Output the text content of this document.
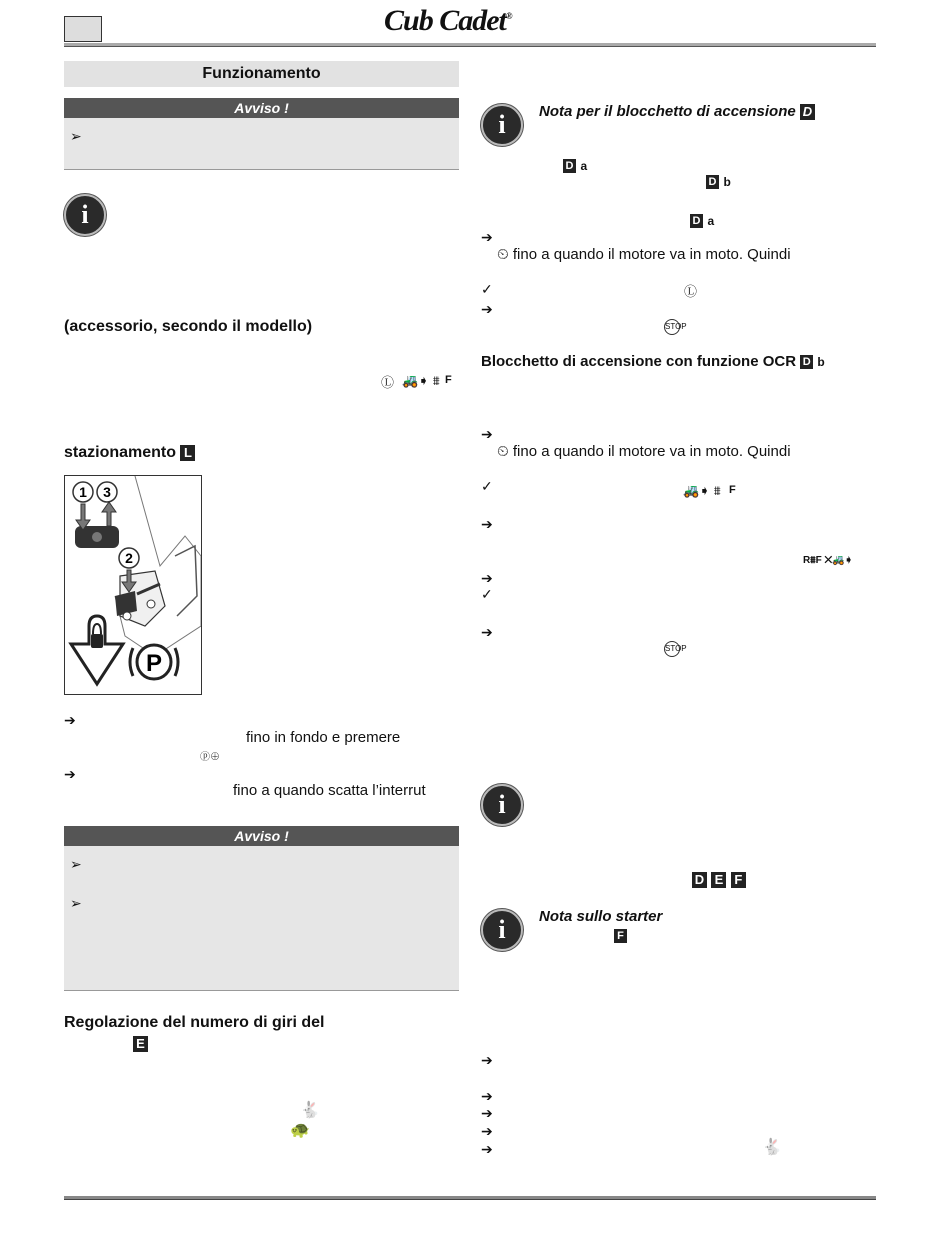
Cub Cadet®
Funzionamento
Avviso !
➢
i
(accessorio, secondo il modello)
Ⓛ 🚜➧ ⩩ F
stazionamento L
1 3
2
P
➔
fino in fondo e premere
ⓟ⊕
➔
fino a quando scatta l’interrut
Avviso !
➢
➢
Regolazione del numero di giri del
E
🐇
🐢
i	Nota per il blocchetto di accensione D
D a
D b
D a
➔
⏲ fino a quando il motore va in moto. Quindi
✓	Ⓛ
➔
STOP
Blocchetto di accensione con funzione OCR D b
➔
⏲ fino a quando il motore va in moto. Quindi
✓	🚜➧ ⩩ F
➔
R⩩F ✕🚜➧
➔
✓
➔
STOP
i
D E F
i	Nota sullo starter
F
➔
➔
➔
➔
➔	🐇
